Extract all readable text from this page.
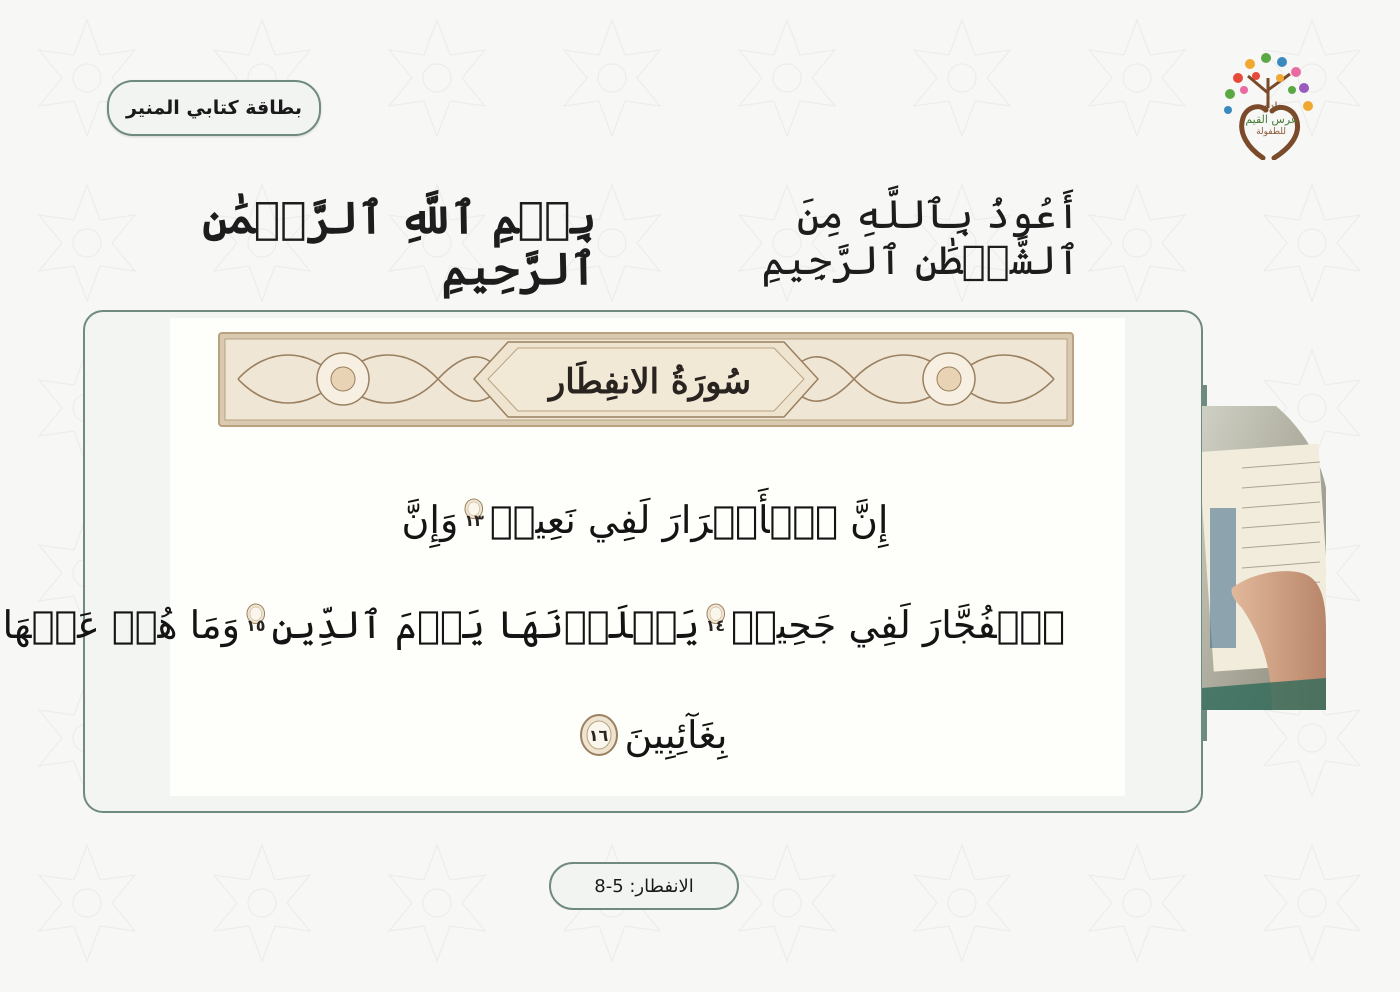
نادي
غرس القيم
للطفولة
بطاقة كتابي المنير
أَعُوذُ بِٱللَّهِ مِنَ ٱلشَّيۡطَٰنِ ٱلرَّجِيمِ
بِسۡمِ ٱللَّهِ ٱلرَّحۡمَٰنِ ٱلرَّحِيمِ
سُورَةُ الانفِطَار
إِنَّ ٱلۡأَبۡرَارَ لَفِي نَعِيمٖ
١٣
وَإِنَّ
ٱلۡفُجَّارَ لَفِي جَحِيمٖ
١٤
يَصۡلَوۡنَهَا يَوۡمَ ٱلدِّينِ
١٥
وَمَا هُمۡ عَنۡهَا
بِغَآئِبِينَ
١٦
الانفطار: 5-8
